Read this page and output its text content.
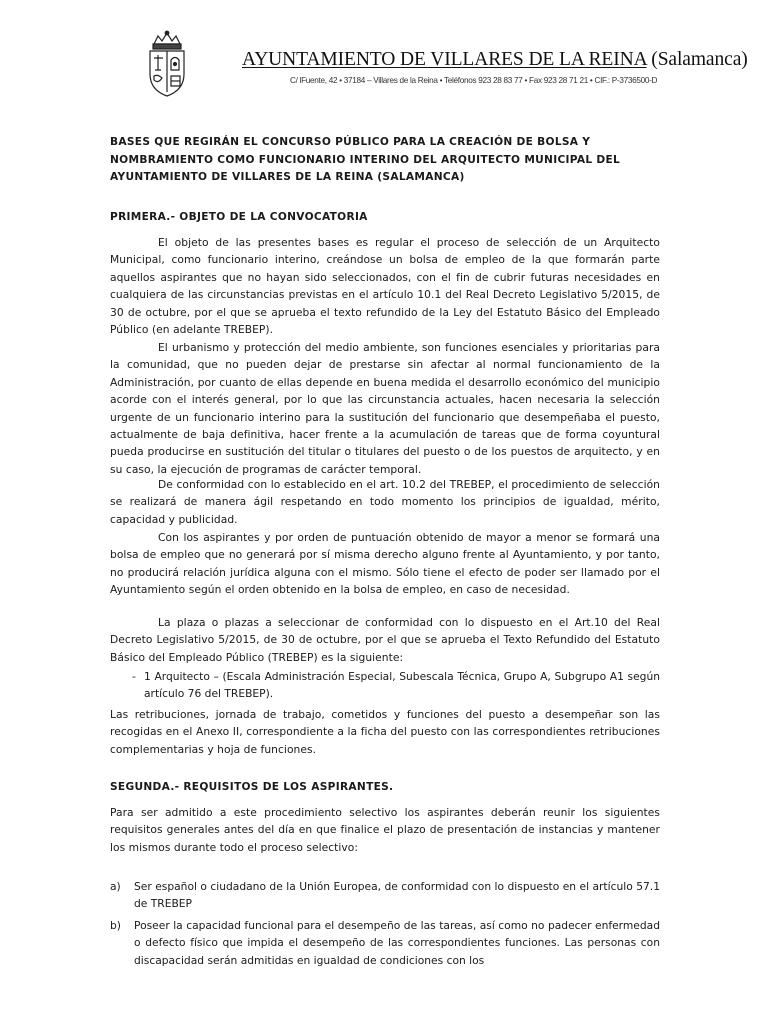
AYUNTAMIENTO DE VILLARES DE LA REINA (Salamanca)
C/ lFuente, 42 • 37184 – Villares de la Reina • Teléfonos 923 28 83 77 • Fax 923 28 71 21 • CIF.: P-3736500-D
BASES QUE REGIRÁN EL CONCURSO PÚBLICO PARA LA CREACIÓN DE BOLSA Y NOMBRAMIENTO COMO FUNCIONARIO INTERINO DEL ARQUITECTO MUNICIPAL DEL AYUNTAMIENTO DE VILLARES DE LA REINA (SALAMANCA)
PRIMERA.- OBJETO DE LA CONVOCATORIA
El objeto de las presentes bases es regular el proceso de selección de un Arquitecto Municipal, como funcionario interino, creándose un bolsa de empleo de la que formarán parte aquellos aspirantes que no hayan sido seleccionados, con el fin de cubrir futuras necesidades en cualquiera de las circunstancias previstas en el artículo 10.1 del Real Decreto Legislativo 5/2015, de 30 de octubre, por el que se aprueba el texto refundido de la Ley del Estatuto Básico del Empleado Público (en adelante TREBEP).
El urbanismo y protección del medio ambiente, son funciones esenciales y prioritarias para la comunidad, que no pueden dejar de prestarse sin afectar al normal funcionamiento de la Administración, por cuanto de ellas depende en buena medida el desarrollo económico del municipio acorde con el interés general, por lo que las circunstancia actuales, hacen necesaria la selección urgente de un funcionario interino para la sustitución del funcionario que desempeñaba el puesto, actualmente de baja definitiva, hacer frente a la acumulación de tareas que de forma coyuntural pueda producirse en sustitución del titular o titulares del puesto o de los puestos de arquitecto, y en su caso, la ejecución de programas de carácter temporal.
De conformidad con lo establecido en el art. 10.2 del TREBEP, el procedimiento de selección se realizará de manera ágil respetando en todo momento los principios de igualdad, mérito, capacidad y publicidad.
Con los aspirantes y por orden de puntuación obtenido de mayor a menor se formará una bolsa de empleo que no generará por sí misma derecho alguno frente al Ayuntamiento, y por tanto, no producirá relación jurídica alguna con el mismo. Sólo tiene el efecto de poder ser llamado por el Ayuntamiento según el orden obtenido en la bolsa de empleo, en caso de necesidad.
La plaza o plazas a seleccionar de conformidad con lo dispuesto en el Art.10 del Real Decreto Legislativo 5/2015, de 30 de octubre, por el que se aprueba el Texto Refundido del Estatuto Básico del Empleado Público (TREBEP) es la siguiente:
- 1 Arquitecto – (Escala Administración Especial, Subescala Técnica, Grupo A, Subgrupo A1 según artículo 76 del TREBEP).
Las retribuciones, jornada de trabajo, cometidos y funciones del puesto a desempeñar son las recogidas en el Anexo II, correspondiente a la ficha del puesto con las correspondientes retribuciones complementarias y hoja de funciones.
SEGUNDA.- REQUISITOS DE LOS ASPIRANTES.
Para ser admitido a este procedimiento selectivo los aspirantes deberán reunir los siguientes requisitos generales antes del día en que finalice el plazo de presentación de instancias y mantener los mismos durante todo el proceso selectivo:
a)	Ser español o ciudadano de la Unión Europea, de conformidad con lo dispuesto en el artículo 57.1 de TREBEP
b)	Poseer la capacidad funcional para el desempeño de las tareas, así como no padecer enfermedad o defecto físico que impida el desempeño de las correspondientes funciones. Las personas con discapacidad serán admitidas en igualdad de condiciones con los
